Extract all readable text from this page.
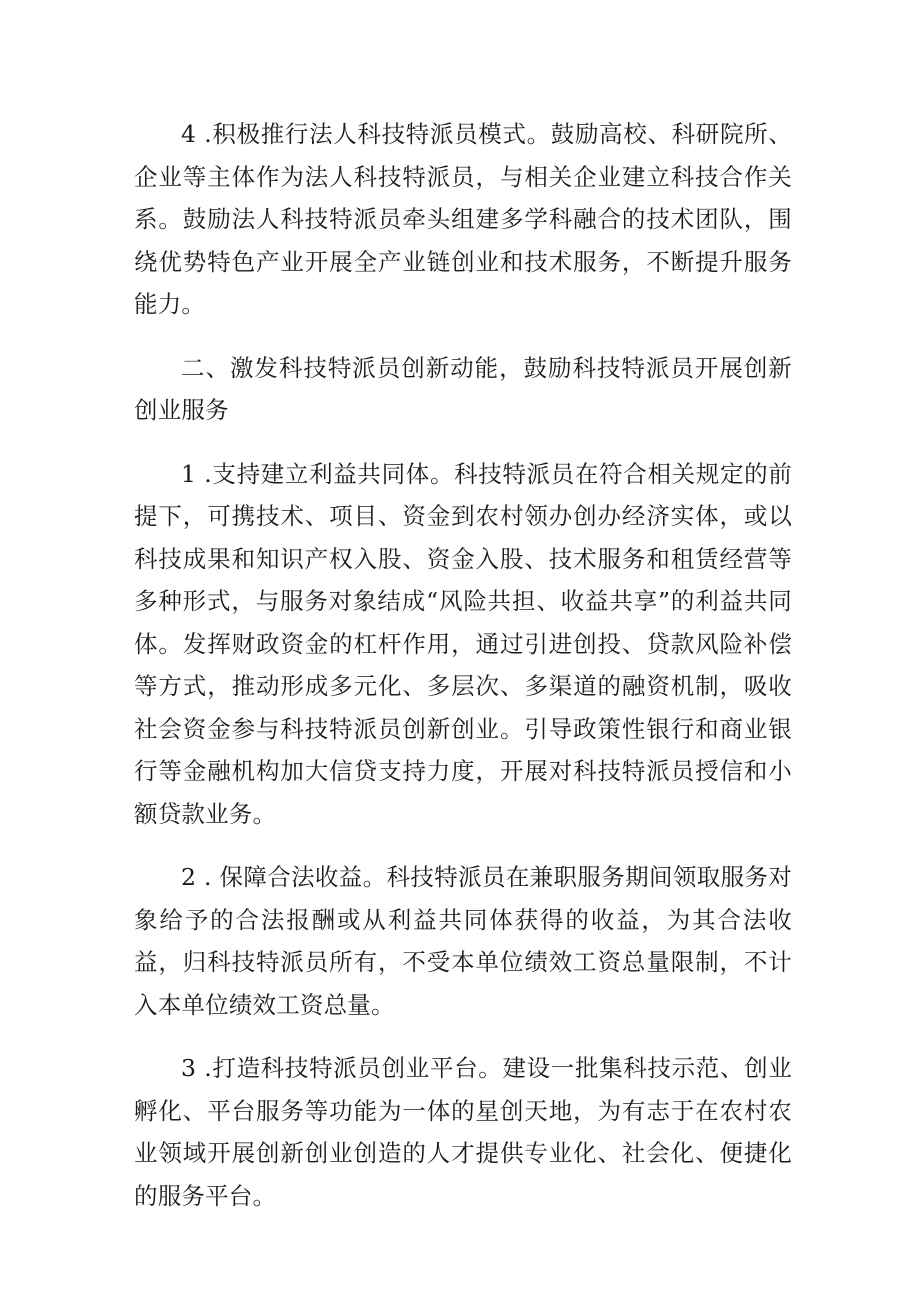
4 .积极推行法人科技特派员模式。鼓励高校、科研院所、企业等主体作为法人科技特派员，与相关企业建立科技合作关系。鼓励法人科技特派员牵头组建多学科融合的技术团队，围绕优势特色产业开展全产业链创业和技术服务，不断提升服务能力。

二、激发科技特派员创新动能，鼓励科技特派员开展创新创业服务

1 .支持建立利益共同体。科技特派员在符合相关规定的前提下，可携技术、项目、资金到农村领办创办经济实体，或以科技成果和知识产权入股、资金入股、技术服务和租赁经营等多种形式，与服务对象结成“风险共担、收益共享”的利益共同体。发挥财政资金的杠杆作用，通过引进创投、贷款风险补偿等方式，推动形成多元化、多层次、多渠道的融资机制，吸收社会资金参与科技特派员创新创业。引导政策性银行和商业银行等金融机构加大信贷支持力度，开展对科技特派员授信和小额贷款业务。

2 . 保障合法收益。科技特派员在兼职服务期间领取服务对象给予的合法报酬或从利益共同体获得的收益，为其合法收益，归科技特派员所有，不受本单位绩效工资总量限制，不计入本单位绩效工资总量。

3 .打造科技特派员创业平台。建设一批集科技示范、创业孵化、平台服务等功能为一体的星创天地，为有志于在农村农业领域开展创新创业创造的人才提供专业化、社会化、便捷化的服务平台。
